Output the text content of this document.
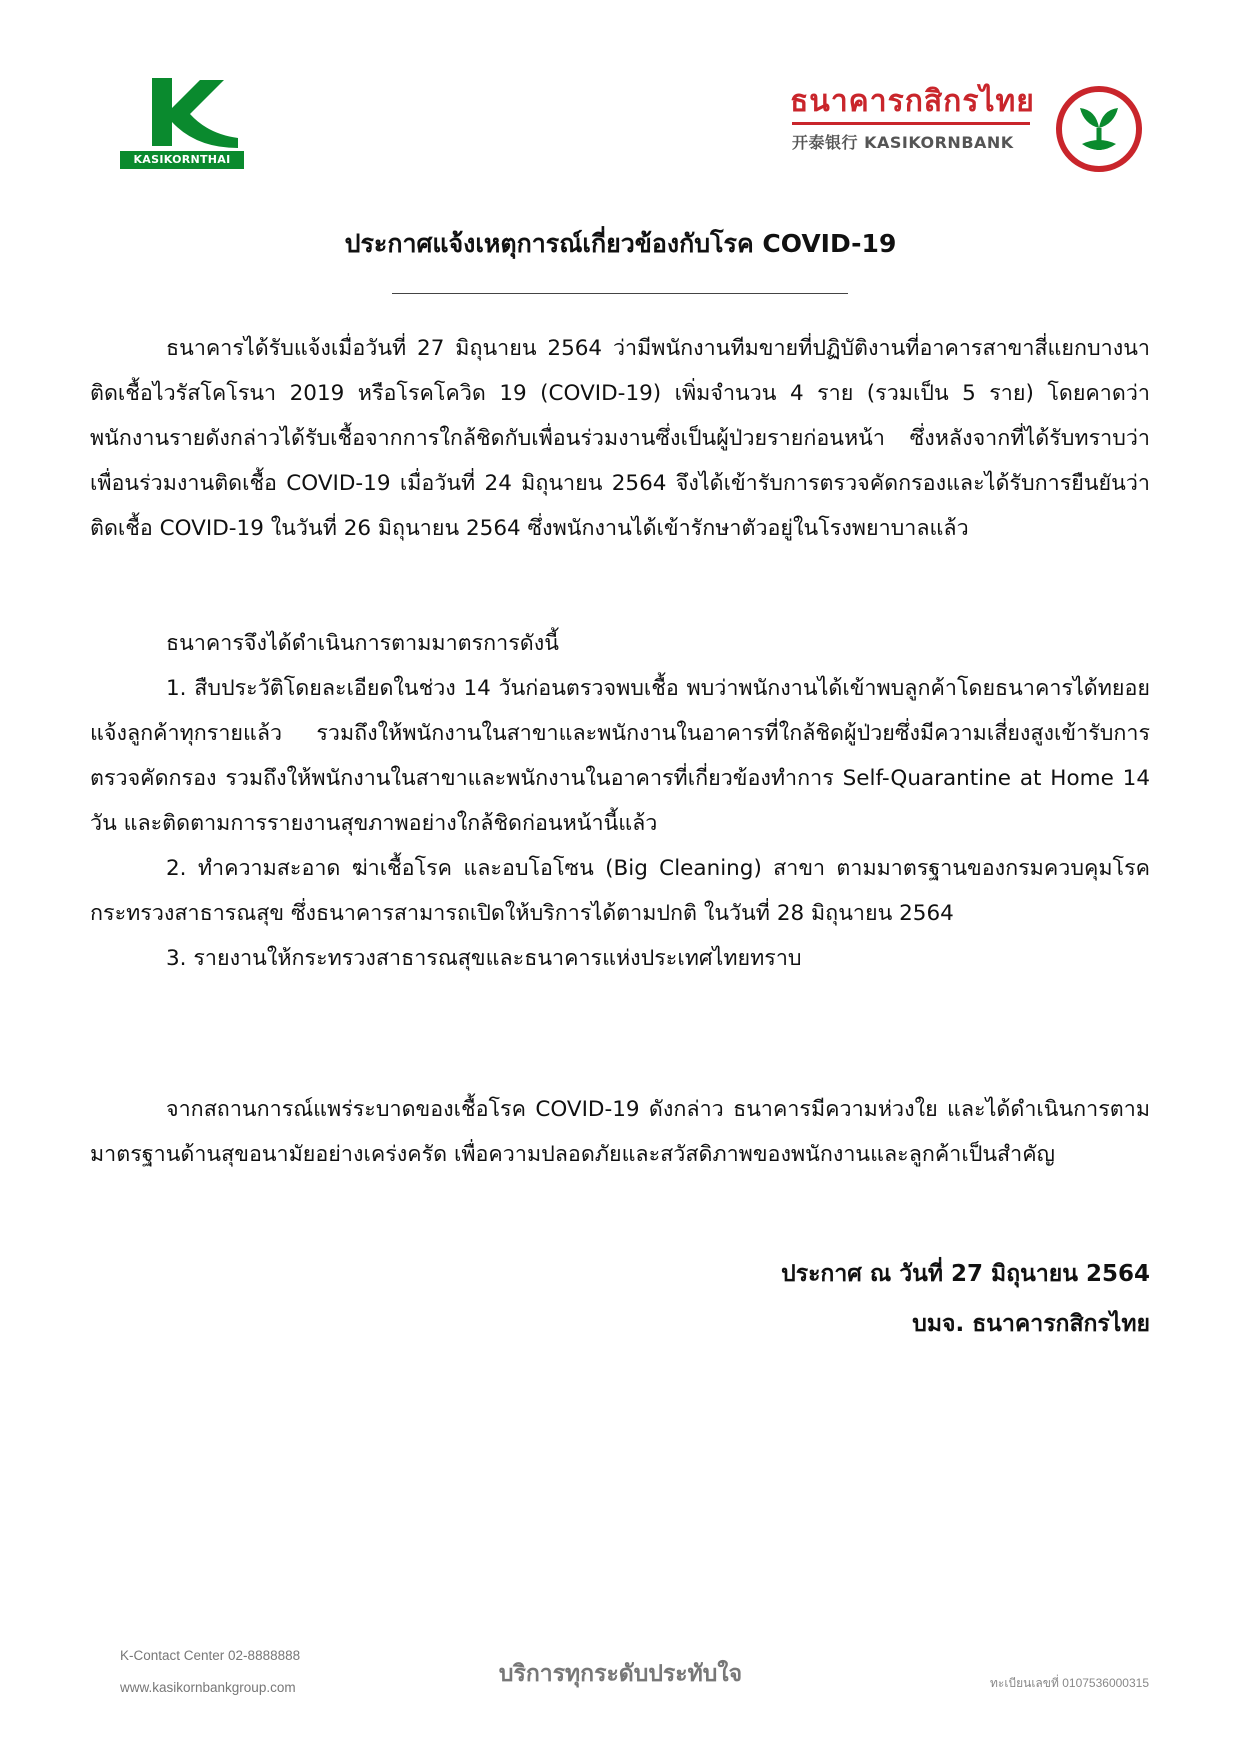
KASIKORNTHAI
ธนาคารกสิกรไทย
开泰银行 KASIKORNBANK
ประกาศแจ้งเหตุการณ์เกี่ยวข้องกับโรค COVID-19

ธนาคารได้รับแจ้งเมื่อวันที่ 27 มิถุนายน 2564 ว่ามีพนักงานทีมขายที่ปฏิบัติงานที่อาคารสาขาสี่แยกบางนา ติดเชื้อไวรัสโคโรนา 2019 หรือโรคโควิด 19 (COVID-19) เพิ่มจำนวน 4 ราย (รวมเป็น 5 ราย) โดยคาดว่าพนักงานรายดังกล่าวได้รับเชื้อจากการใกล้ชิดกับเพื่อนร่วมงานซึ่งเป็นผู้ป่วยรายก่อนหน้า ซึ่งหลังจากที่ได้รับทราบว่าเพื่อนร่วมงานติดเชื้อ COVID-19 เมื่อวันที่ 24 มิถุนายน 2564 จึงได้เข้ารับการตรวจคัดกรองและได้รับการยืนยันว่าติดเชื้อ COVID-19 ในวันที่ 26 มิถุนายน 2564 ซึ่งพนักงานได้เข้ารักษาตัวอยู่ในโรงพยาบาลแล้ว

ธนาคารจึงได้ดำเนินการตามมาตรการดังนี้

1. สืบประวัติโดยละเอียดในช่วง 14 วันก่อนตรวจพบเชื้อ พบว่าพนักงานได้เข้าพบลูกค้าโดยธนาคารได้ทยอยแจ้งลูกค้าทุกรายแล้ว รวมถึงให้พนักงานในสาขาและพนักงานในอาคารที่ใกล้ชิดผู้ป่วยซึ่งมีความเสี่ยงสูงเข้ารับการตรวจคัดกรอง รวมถึงให้พนักงานในสาขาและพนักงานในอาคารที่เกี่ยวข้องทำการ Self-Quarantine at Home 14 วัน และติดตามการรายงานสุขภาพอย่างใกล้ชิดก่อนหน้านี้แล้ว

2. ทำความสะอาด ฆ่าเชื้อโรค และอบโอโซน (Big Cleaning) สาขา ตามมาตรฐานของกรมควบคุมโรค กระทรวงสาธารณสุข ซึ่งธนาคารสามารถเปิดให้บริการได้ตามปกติ ในวันที่ 28 มิถุนายน 2564

3. รายงานให้กระทรวงสาธารณสุขและธนาคารแห่งประเทศไทยทราบ

จากสถานการณ์แพร่ระบาดของเชื้อโรค COVID-19 ดังกล่าว ธนาคารมีความห่วงใย และได้ดำเนินการตามมาตรฐานด้านสุขอนามัยอย่างเคร่งครัด เพื่อความปลอดภัยและสวัสดิภาพของพนักงานและลูกค้าเป็นสำคัญ

ประกาศ ณ วันที่ 27 มิถุนายน 2564
บมจ. ธนาคารกสิกรไทย
K-Contact Center 02-8888888
www.kasikornbankgroup.com
บริการทุกระดับประทับใจ	ทะเบียนเลขที่ 0107536000315
